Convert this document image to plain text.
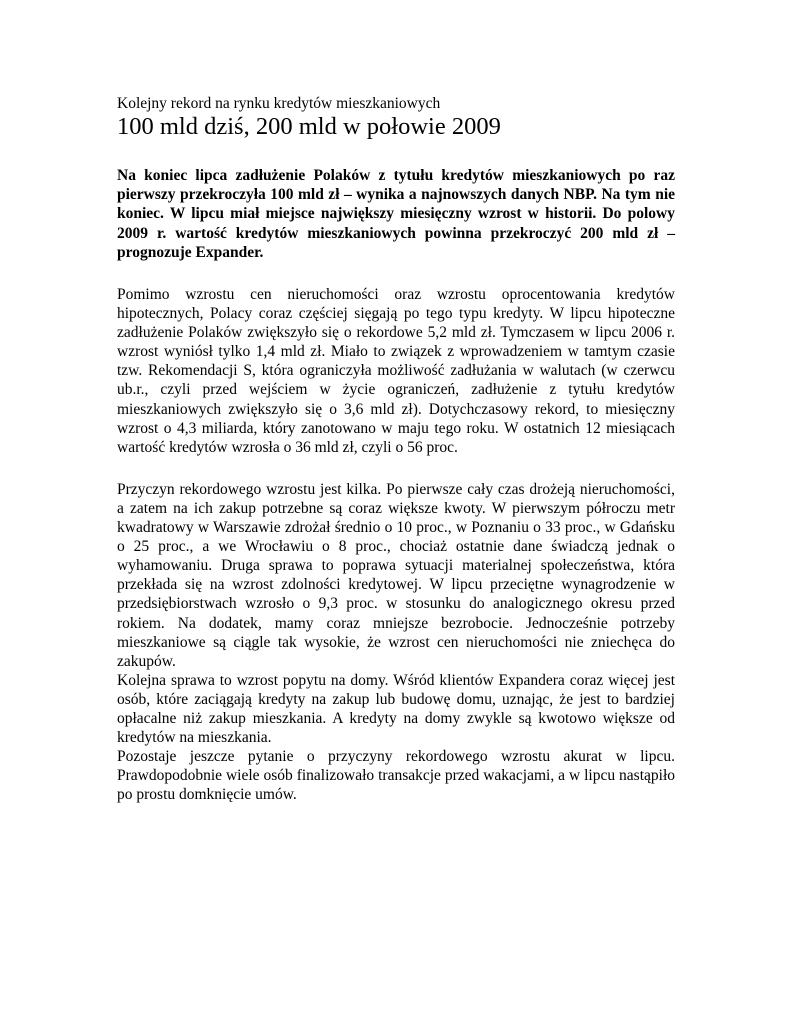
Kolejny rekord na rynku kredytów mieszkaniowych

100 mld dziś, 200 mld w połowie 2009

Na koniec lipca zadłużenie Polaków z tytułu kredytów mieszkaniowych po raz pierwszy przekroczyła 100 mld zł – wynika a najnowszych danych NBP. Na tym nie koniec. W lipcu miał miejsce największy miesięczny wzrost w historii. Do polowy 2009 r. wartość kredytów mieszkaniowych powinna przekroczyć 200 mld zł – prognozuje Expander.

Pomimo wzrostu cen nieruchomości oraz wzrostu oprocentowania kredytów hipotecznych, Polacy coraz częściej sięgają po tego typu kredyty. W lipcu hipoteczne zadłużenie Polaków zwiększyło się o rekordowe 5,2 mld zł. Tymczasem w lipcu 2006 r. wzrost wyniósł tylko 1,4 mld zł. Miało to związek z wprowadzeniem w tamtym czasie tzw. Rekomendacji S, która ograniczyła możliwość zadłużania w walutach (w czerwcu ub.r., czyli przed wejściem w życie ograniczeń, zadłużenie z tytułu kredytów mieszkaniowych zwiększyło się o 3,6 mld zł). Dotychczasowy rekord, to miesięczny wzrost o 4,3 miliarda, który zanotowano w maju tego roku. W ostatnich 12 miesiącach wartość kredytów wzrosła o 36 mld zł, czyli o 56 proc.

Przyczyn rekordowego wzrostu jest kilka. Po pierwsze cały czas drożeją nieruchomości, a zatem na ich zakup potrzebne są coraz większe kwoty. W pierwszym półroczu metr kwadratowy w Warszawie zdrożał średnio o 10 proc., w Poznaniu o 33 proc., w Gdańsku o 25 proc., a we Wrocławiu o 8 proc., chociaż ostatnie dane świadczą jednak o wyhamowaniu. Druga sprawa to poprawa sytuacji materialnej społeczeństwa, która przekłada się na wzrost zdolności kredytowej. W lipcu przeciętne wynagrodzenie w przedsiębiorstwach wzrosło o 9,3 proc. w stosunku do analogicznego okresu przed rokiem. Na dodatek, mamy coraz mniejsze bezrobocie. Jednocześnie potrzeby mieszkaniowe są ciągle tak wysokie, że wzrost cen nieruchomości nie zniechęca do zakupów.

Kolejna sprawa to wzrost popytu na domy. Wśród klientów Expandera coraz więcej jest osób, które zaciągają kredyty na zakup lub budowę domu, uznając, że jest to bardziej opłacalne niż zakup mieszkania. A kredyty na domy zwykle są kwotowo większe od kredytów na mieszkania.

Pozostaje jeszcze pytanie o przyczyny rekordowego wzrostu akurat w lipcu. Prawdopodobnie wiele osób finalizowało transakcje przed wakacjami, a w lipcu nastąpiło po prostu domknięcie umów.
